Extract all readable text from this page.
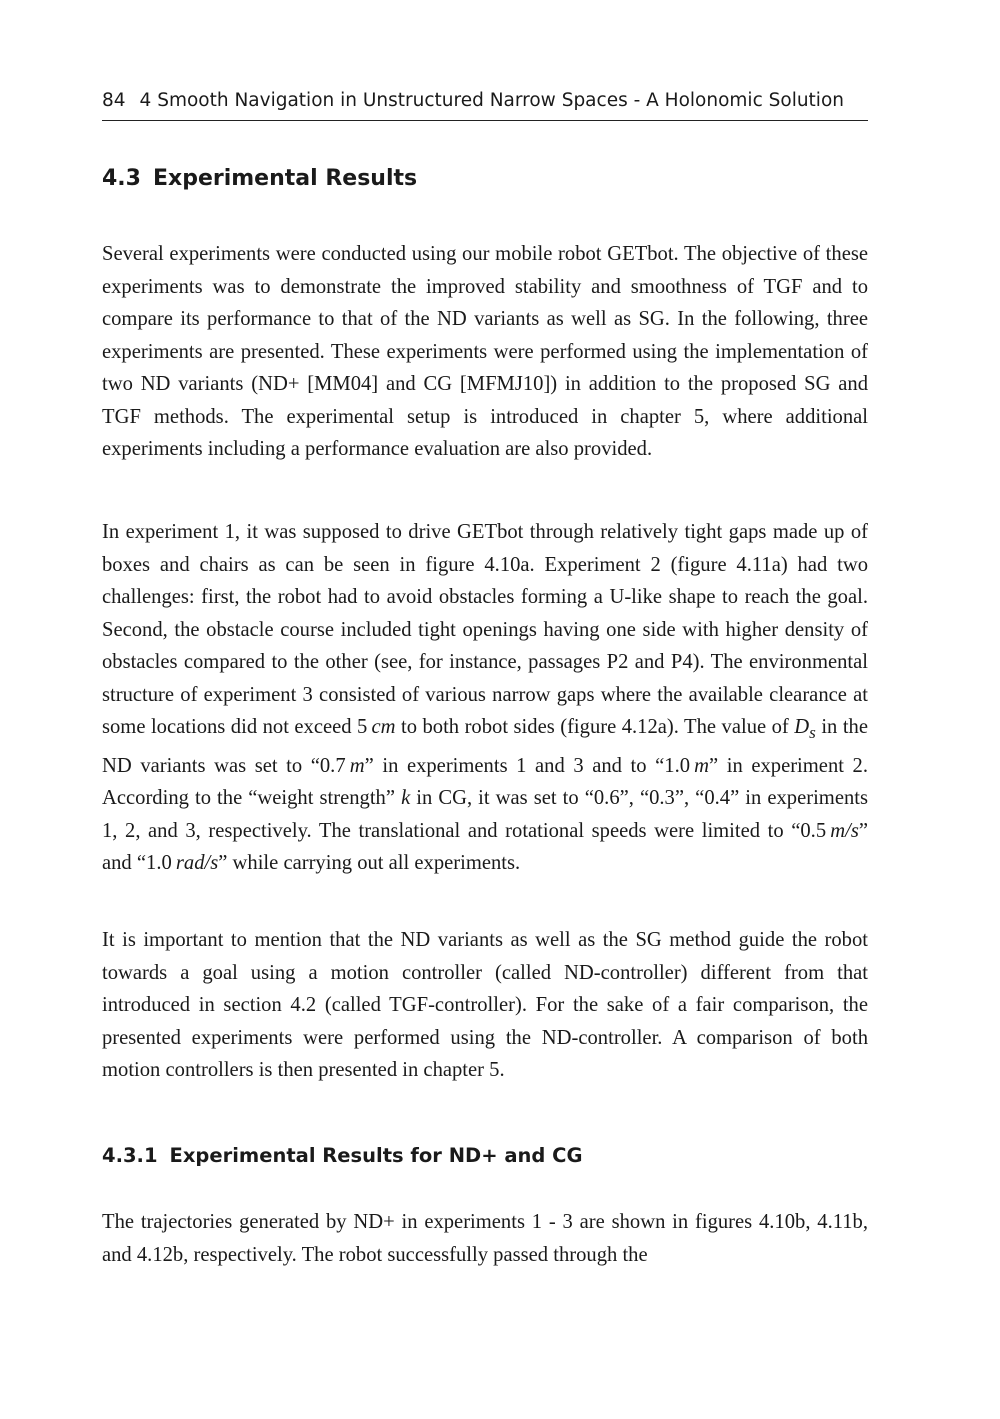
84 4 Smooth Navigation in Unstructured Narrow Spaces - A Holonomic Solution
4.3 Experimental Results

Several experiments were conducted using our mobile robot GETbot. The objective of these experiments was to demonstrate the improved stability and smoothness of TGF and to compare its performance to that of the ND variants as well as SG. In the following, three experiments are presented. These experiments were performed using the implementation of two ND variants (ND+ [MM04] and CG [MFMJ10]) in addition to the proposed SG and TGF methods. The experimental setup is introduced in chapter 5, where additional experiments including a performance evaluation are also provided.

In experiment 1, it was supposed to drive GETbot through relatively tight gaps made up of boxes and chairs as can be seen in figure 4.10a. Experiment 2 (figure 4.11a) had two challenges: first, the robot had to avoid obstacles forming a U-like shape to reach the goal. Second, the obstacle course included tight openings having one side with higher density of obstacles compared to the other (see, for instance, passages P2 and P4). The environmental structure of experiment 3 consisted of various narrow gaps where the available clearance at some locations did not exceed 5 cm to both robot sides (figure 4.12a). The value of $D_s$ in the ND variants was set to “0.7 m” in experiments 1 and 3 and to “1.0 m” in experiment 2. According to the “weight strength” k in CG, it was set to “0.6”, “0.3”, “0.4” in experiments 1, 2, and 3, respectively. The translational and rotational speeds were limited to “0.5 m/s” and “1.0 rad/s” while carrying out all experiments.

It is important to mention that the ND variants as well as the SG method guide the robot towards a goal using a motion controller (called ND-controller) different from that introduced in section 4.2 (called TGF-controller). For the sake of a fair comparison, the presented experiments were performed using the ND-controller. A comparison of both motion controllers is then presented in chapter 5.

4.3.1 Experimental Results for ND+ and CG

The trajectories generated by ND+ in experiments 1 - 3 are shown in figures 4.10b, 4.11b, and 4.12b, respectively. The robot successfully passed through the
